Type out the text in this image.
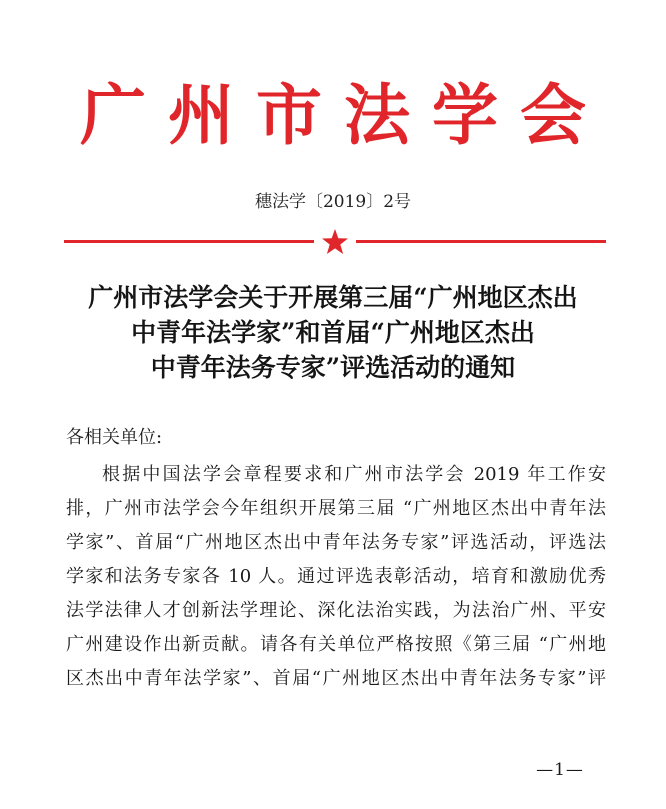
广州市法学会
穗法学〔2019〕2号
广州市法学会关于开展第三届“广州地区杰出
中青年法学家”和首届“广州地区杰出
中青年法务专家”评选活动的通知
各相关单位:
根据中国法学会章程要求和广州市法学会 2019 年工作安
排，广州市法学会今年组织开展第三届 “广州地区杰出中青年法
学家”、首届“广州地区杰出中青年法务专家”评选活动，评选法
学家和法务专家各 10 人。通过评选表彰活动，培育和激励优秀
法学法律人才创新法学理论、深化法治实践，为法治广州、平安
广州建设作出新贡献。请各有关单位严格按照《第三届 “广州地
区杰出中青年法学家”、首届“广州地区杰出中青年法务专家”评
—1—
